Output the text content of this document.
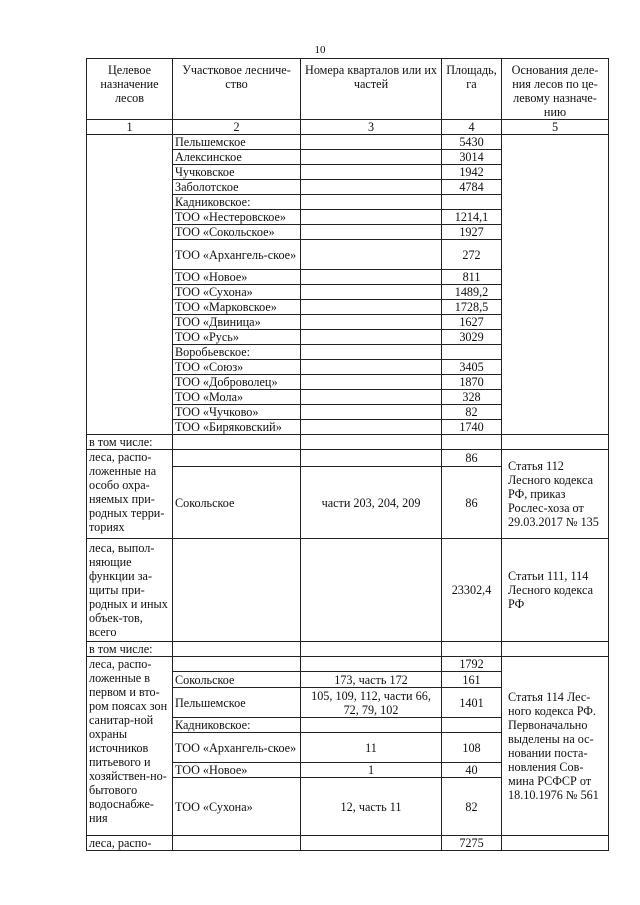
10
Целевое назначение лесов	Участковое лесниче-ство	Номера кварталов или их частей	Площадь, га	Основания деле-ния лесов по це-левому назначе-нию
1	2	3	4	5
	Пельшемское		5430	
	Алексинское		3014	
	Чучковское		1942	
	Заболотское		4784	
	Кадниковское:			
	ТОО «Нестеровское»		1214,1	
	ТОО «Сокольское»		1927	
	ТОО «Архангель-ское»		272	
	ТОО «Новое»		811	
	ТОО «Сухона»		1489,2	
	ТОО «Марковское»		1728,5	
	ТОО «Двиница»		1627	
	ТОО «Русь»		3029	
	Воробьевское:			
	ТОО «Союз»		3405	
	ТОО «Доброволец»		1870	
	ТОО «Мола»		328	
	ТОО «Чучково»		82	
	ТОО «Биряковский»		1740	
в том числе:				
леса, распо-ложенные на особо охра-няемых при-родных терри-ториях			86	Статья 112 Лесного кодекса РФ, приказ Рослес-хоза от 29.03.2017 № 135
	Сокольское	части 203, 204, 209	86	
леса, выпол-няющие функции за-щиты при-родных и иных объек-тов, всего			23302,4	Статьи 111, 114 Лесного кодекса РФ
в том числе:				
леса, распо-ложенные в первом и вто-ром поясах зон санитар-ной охраны источников питьевого и хозяйствен-но-бытового водоснабже-ния			1792	Статья 114 Лес-ного кодекса РФ. Первоначально выделены на ос-новании поста-новления Сов-мина РСФСР от 18.10.1976 № 561
	Сокольское	173, часть 172	161	
	Пельшемское	105, 109, 112, части 66, 72, 79, 102	1401	
	Кадниковское:			
	ТОО «Архангель-ское»	11	108	
	ТОО «Новое»	1	40	
	ТОО «Сухона»	12, часть 11	82	
леса, распо-			7275	
